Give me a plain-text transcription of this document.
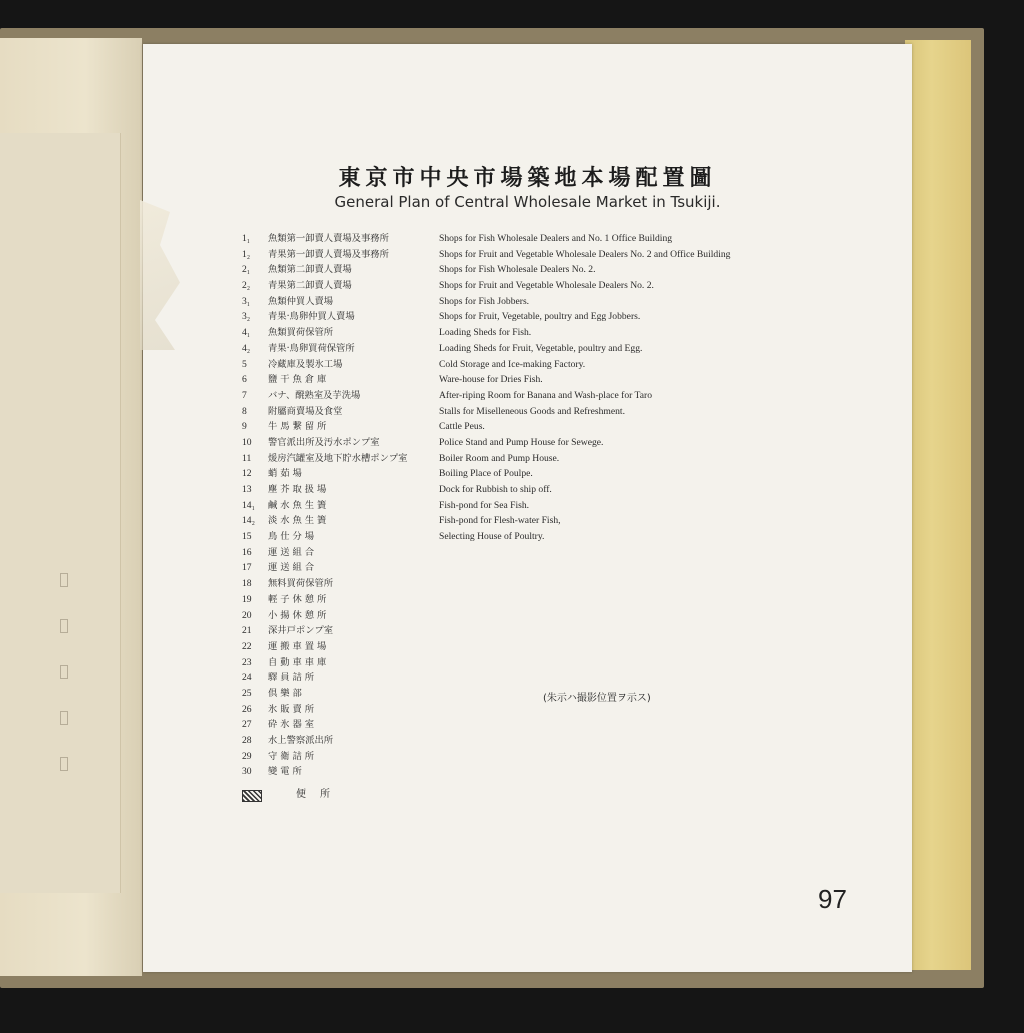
東京市中央市場築地本場配置圖
General Plan of Central Wholesale Market in Tsukiji.
1₁	魚類第一卸賣人賣場及事務所	Shops for Fish Wholesale Dealers and No. 1 Office Building
1₂	青果第一卸賣人賣場及事務所	Shops for Fruit and Vegetable Wholesale Dealers No. 2 and Office Building
2₁	魚類第二卸賣人賣場	Shops for Fish Wholesale Dealers No. 2.
2₂	青果第二卸賣人賣場	Shops for Fruit and Vegetable Wholesale Dealers No. 2.
3₁	魚類仲買人賣場	Shops for Fish Jobbers.
3₂	青果·鳥卵仲買人賣場	Shops for Fruit, Vegetable, poultry and Egg Jobbers.
4₁	魚類買荷保管所	Loading Sheds for Fish.
4₂	青果·鳥卵買荷保管所	Loading Sheds for Fruit, Vegetable, poultry and Egg.
5	冷藏庫及製氷工場	Cold Storage and Ice-making Factory.
6	鹽 干 魚 倉 庫	Ware-house for Dries Fish.
7	バナ、醗熟室及芋洗場	After-riping Room for Banana and Wash-place for Taro
8	附屬商賣場及食堂	Stalls for Miselleneous Goods and Refreshment.
9	牛 馬 繋 留 所	Cattle Peus.
10	警官派出所及汚水ポンプ室	Police Stand and Pump House for Sewege.
11	煖房汽罐室及地下貯水槽ポンプ室	Boiler Room and Pump House.
12	蛸 茹 場	Boiling Place of Poulpe.
13	塵 芥 取 扱 場	Dock for Rubbish to ship off.
14₁	鹹 水 魚 生 簀	Fish-pond for Sea Fish.
14₂	淡 水 魚 生 簀	Fish-pond for Flesh-water Fish,
15	鳥 仕 分 場	Selecting House of Poultry.
16	運 送 組 合
17	運 送 組 合
18	無料買荷保管所
19	輕 子 休 憩 所
20	小 揚 休 憩 所
21	深井戸ポンプ室
22	運 搬 車 置 場
23	自 動 車 車 庫
24	驛 員 詰 所
25	倶 樂 部
26	氷 販 賣 所
27	砕 氷 器 室
28	水上警察派出所
29	守 衛 詰 所
30	變 電 所
便所
(朱示ハ撮影位置ヲ示ス)
97
